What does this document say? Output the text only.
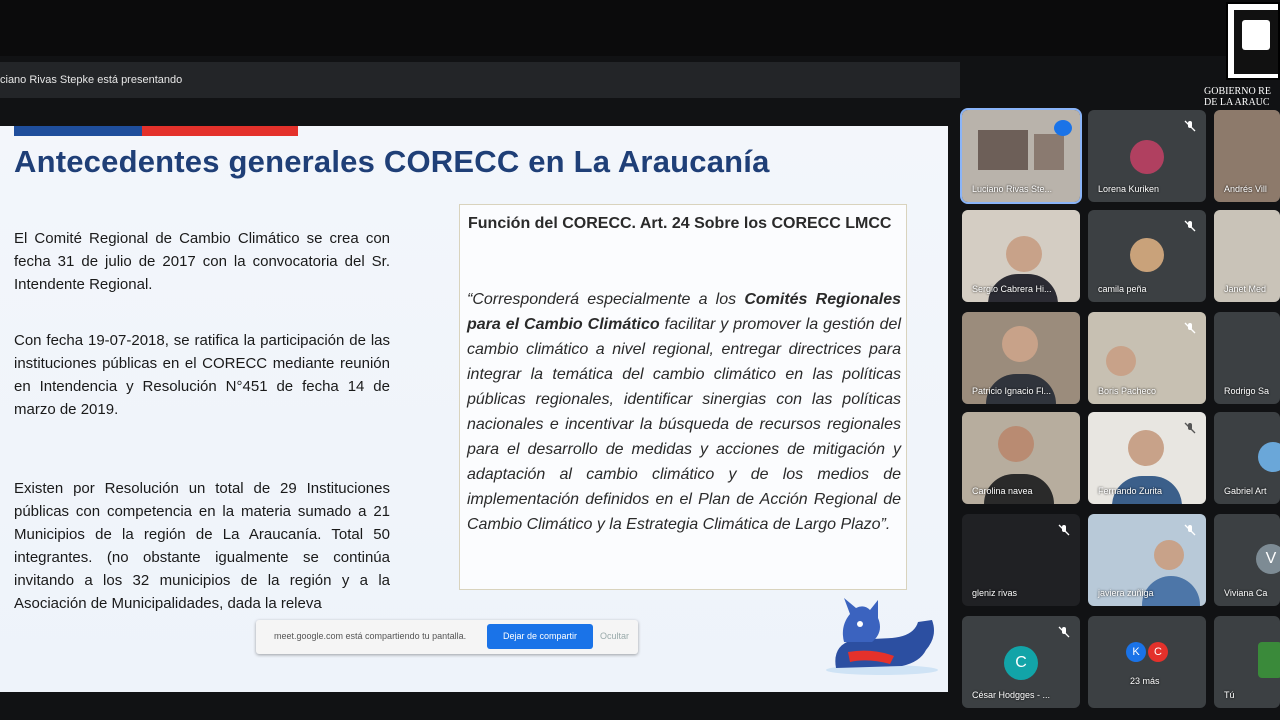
GOBIERNO RE
DE LA ARAUC
ciano Rivas Stepke está presentando
Antecedentes generales CORECC en La Araucanía
El Comité Regional de Cambio Climático se crea con fecha 31 de julio de 2017 con la convocatoria del Sr. Intendente Regional.
Con fecha 19-07-2018, se ratifica la participación de las instituciones públicas en el CORECC mediante reunión en Intendencia y Resolución N°451 de fecha 14 de marzo de 2019.
Existen por Resolución un total de 29 Instituciones públicas con competencia en la materia sumado a 21 Municipios de la región de La Araucanía. Total 50 integrantes. (no obstante igualmente se continúa invitando a los 32 municipios de la región y a la Asociación de Municipalidades, dada la releva
Función del CORECC. Art. 24 Sobre los CORECC LMCC
“Corresponderá especialmente a los Comités Regionales para el Cambio Climático facilitar y promover la gestión del cambio climático a nivel regional, entregar directrices para integrar la temática del cambio climático en las políticas públicas regionales, identificar sinergias con las políticas nacionales e incentivar la búsqueda de recursos regionales para el desarrollo de medidas y acciones de mitigación y adaptación al cambio climático y de los medios de implementación definidos en el Plan de Acción Regional de Cambio Climático y la Estrategia Climática de Largo Plazo”.
meet.google.com está compartiendo tu pantalla.	Dejar de compartir	Ocultar
Luciano Rivas Ste...	Lorena Kuriken	Andrés Vill
Sergio Cabrera Hi...	camila peña	Janet Med
Patricio Ignacio Fl...	Boris Pacheco	Rodrigo Sa
Carolina navea	Fernando Zurita	Gabriel Art
gleniz rivas	javiera zuñiga
V
Viviana Ca
C
César Hodgges - ...
K	C
23 más
Tú
